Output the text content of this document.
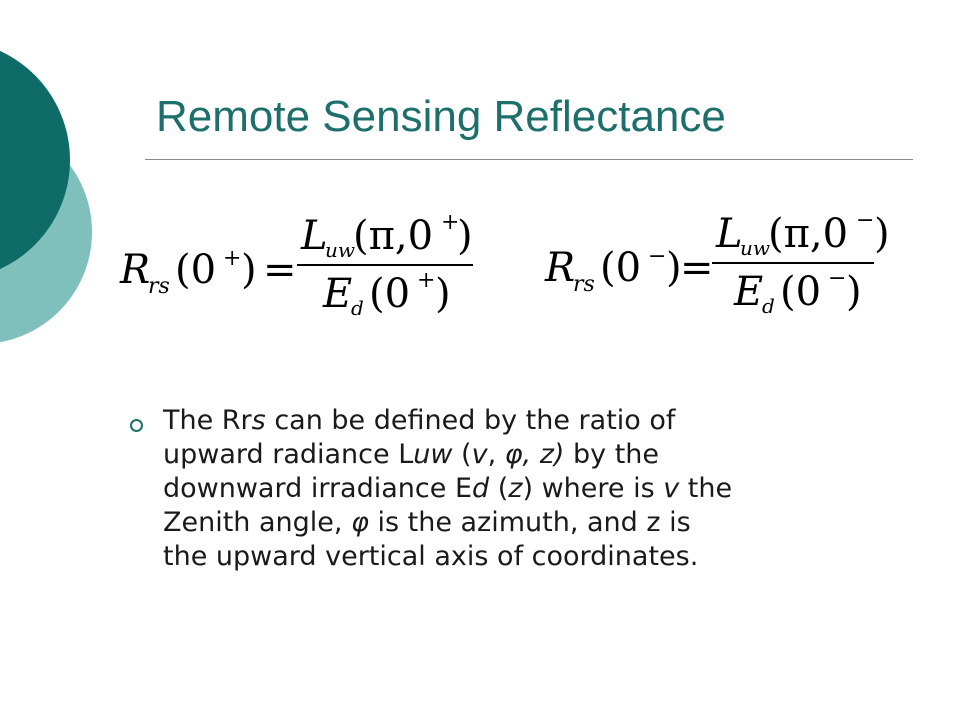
Remote Sensing Reflectance
R
rs (0 + ) =
L
uw
(π,0 +
)
E
d (0 + )
R
rs (0 − )
=
L
uw
(π,0 − )
E
d (0 − )
The Rrs can be defined by the ratio of
upward radiance Luw (v, φ, z) by the
downward irradiance Ed (z) where is v the
Zenith angle, φ is the azimuth, and z is
the upward vertical axis of coordinates.
